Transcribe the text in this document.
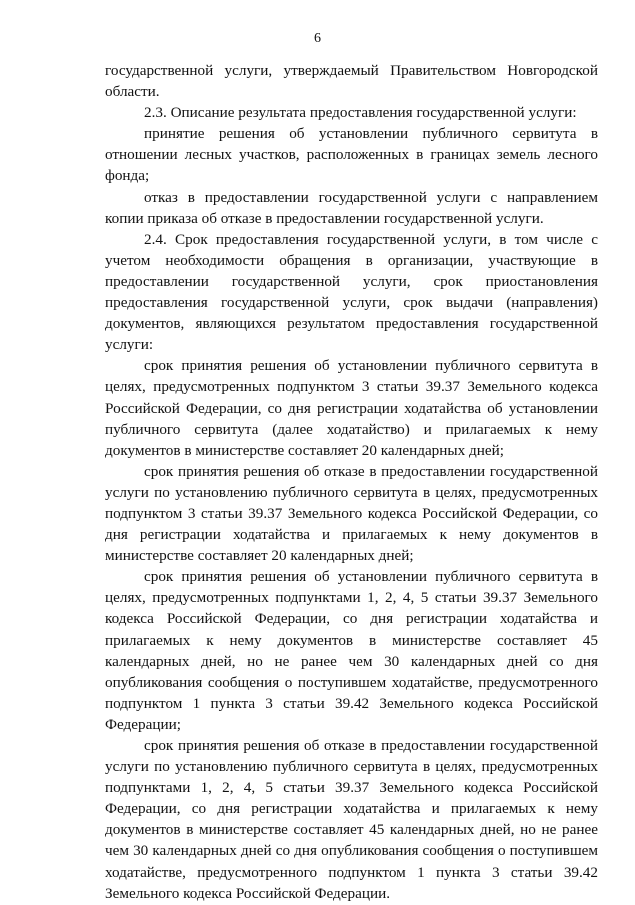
6

государственной услуги, утверждаемый Правительством Новгородской области.

2.3. Описание результата предоставления государственной услуги:

принятие решения об установлении публичного сервитута в отношении лесных участков, расположенных в границах земель лесного фонда;

отказ в предоставлении государственной услуги с направлением копии приказа об отказе в предоставлении государственной услуги.

2.4. Срок предоставления государственной услуги, в том числе с учетом необходимости обращения в организации, участвующие в предоставлении государственной услуги, срок приостановления предоставления государственной услуги, срок выдачи (направления) документов, являющихся результатом предоставления государственной услуги:

срок принятия решения об установлении публичного сервитута в целях, предусмотренных подпунктом 3 статьи 39.37 Земельного кодекса Российской Федерации, со дня регистрации ходатайства об установлении публичного сервитута (далее ходатайство) и прилагаемых к нему документов в министерстве составляет 20 календарных дней;

срок принятия решения об отказе в предоставлении государственной услуги по установлению публичного сервитута в целях, предусмотренных подпунктом 3 статьи 39.37 Земельного кодекса Российской Федерации, со дня регистрации ходатайства и прилагаемых к нему документов в министерстве составляет 20 календарных дней;

срок принятия решения об установлении публичного сервитута в целях, предусмотренных подпунктами 1, 2, 4, 5 статьи 39.37 Земельного кодекса Российской Федерации, со дня регистрации ходатайства и прилагаемых к нему документов в министерстве составляет 45 календарных дней, но не ранее чем 30 календарных дней со дня опубликования сообщения о поступившем ходатайстве, предусмотренного подпунктом 1 пункта 3 статьи 39.42 Земельного кодекса Российской Федерации;

срок принятия решения об отказе в предоставлении государственной услуги по установлению публичного сервитута в целях, предусмотренных подпунктами 1, 2, 4, 5 статьи 39.37 Земельного кодекса Российской Федерации, со дня регистрации ходатайства и прилагаемых к нему документов в министерстве составляет 45 календарных дней, но не ранее чем 30 календарных дней со дня опубликования сообщения о поступившем ходатайстве, предусмотренного подпунктом 1 пункта 3 статьи 39.42 Земельного кодекса Российской Федерации.
